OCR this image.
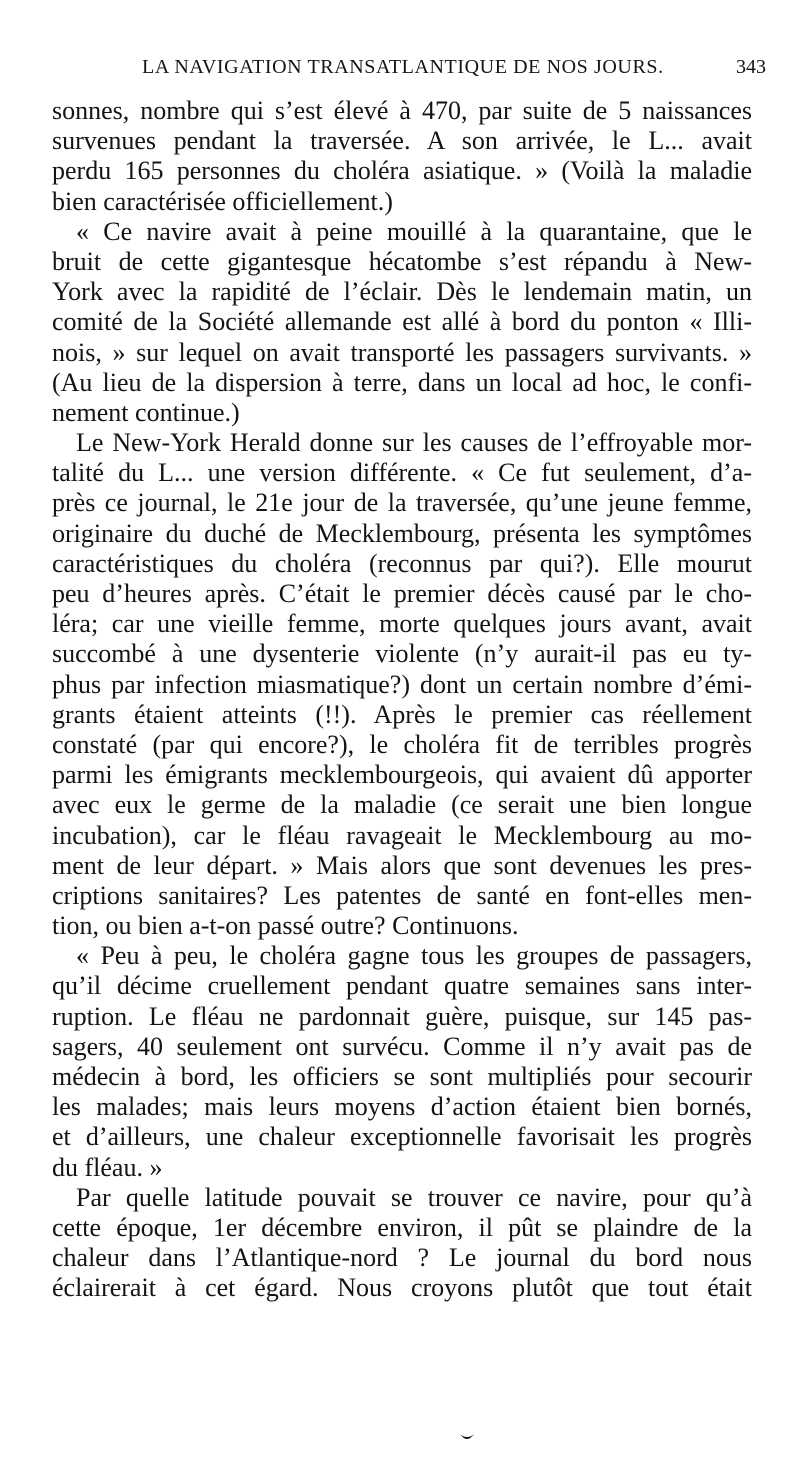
LA NAVIGATION TRANSATLANTIQUE DE NOS JOURS.	343
sonnes, nombre qui s’est élevé à 470, par suite de 5 naissances
survenues pendant la traversée. A son arrivée, le L... avait
perdu 165 personnes du choléra asiatique. » (Voilà la maladie
bien caractérisée officiellement.)
« Ce navire avait à peine mouillé à la quarantaine, que le
bruit de cette gigantesque hécatombe s’est répandu à New-
York avec la rapidité de l’éclair. Dès le lendemain matin, un
comité de la Société allemande est allé à bord du ponton « Illi-
nois, » sur lequel on avait transporté les passagers survivants. »
(Au lieu de la dispersion à terre, dans un local ad hoc, le confi-
nement continue.)
Le New-York Herald donne sur les causes de l’effroyable mor-
talité du L... une version différente. « Ce fut seulement, d’a-
près ce journal, le 21e jour de la traversée, qu’une jeune femme,
originaire du duché de Mecklembourg, présenta les symptômes
caractéristiques du choléra (reconnus par qui?). Elle mourut
peu d’heures après. C’était le premier décès causé par le cho-
léra; car une vieille femme, morte quelques jours avant, avait
succombé à une dysenterie violente (n’y aurait-il pas eu ty-
phus par infection miasmatique?) dont un certain nombre d’émi-
grants étaient atteints (!!). Après le premier cas réellement
constaté (par qui encore?), le choléra fit de terribles progrès
parmi les émigrants mecklembourgeois, qui avaient dû apporter
avec eux le germe de la maladie (ce serait une bien longue
incubation), car le fléau ravageait le Mecklembourg au mo-
ment de leur départ. » Mais alors que sont devenues les pres-
criptions sanitaires? Les patentes de santé en font-elles men-
tion, ou bien a-t-on passé outre? Continuons.
« Peu à peu, le choléra gagne tous les groupes de passagers,
qu’il décime cruellement pendant quatre semaines sans inter-
ruption. Le fléau ne pardonnait guère, puisque, sur 145 pas-
sagers, 40 seulement ont survécu. Comme il n’y avait pas de
médecin à bord, les officiers se sont multipliés pour secourir
les malades; mais leurs moyens d’action étaient bien bornés,
et d’ailleurs, une chaleur exceptionnelle favorisait les progrès
du fléau. »
Par quelle latitude pouvait se trouver ce navire, pour qu’à
cette époque, 1er décembre environ, il pût se plaindre de la
chaleur dans l’Atlantique-nord ? Le journal du bord nous
éclairerait à cet égard. Nous croyons plutôt que tout était
